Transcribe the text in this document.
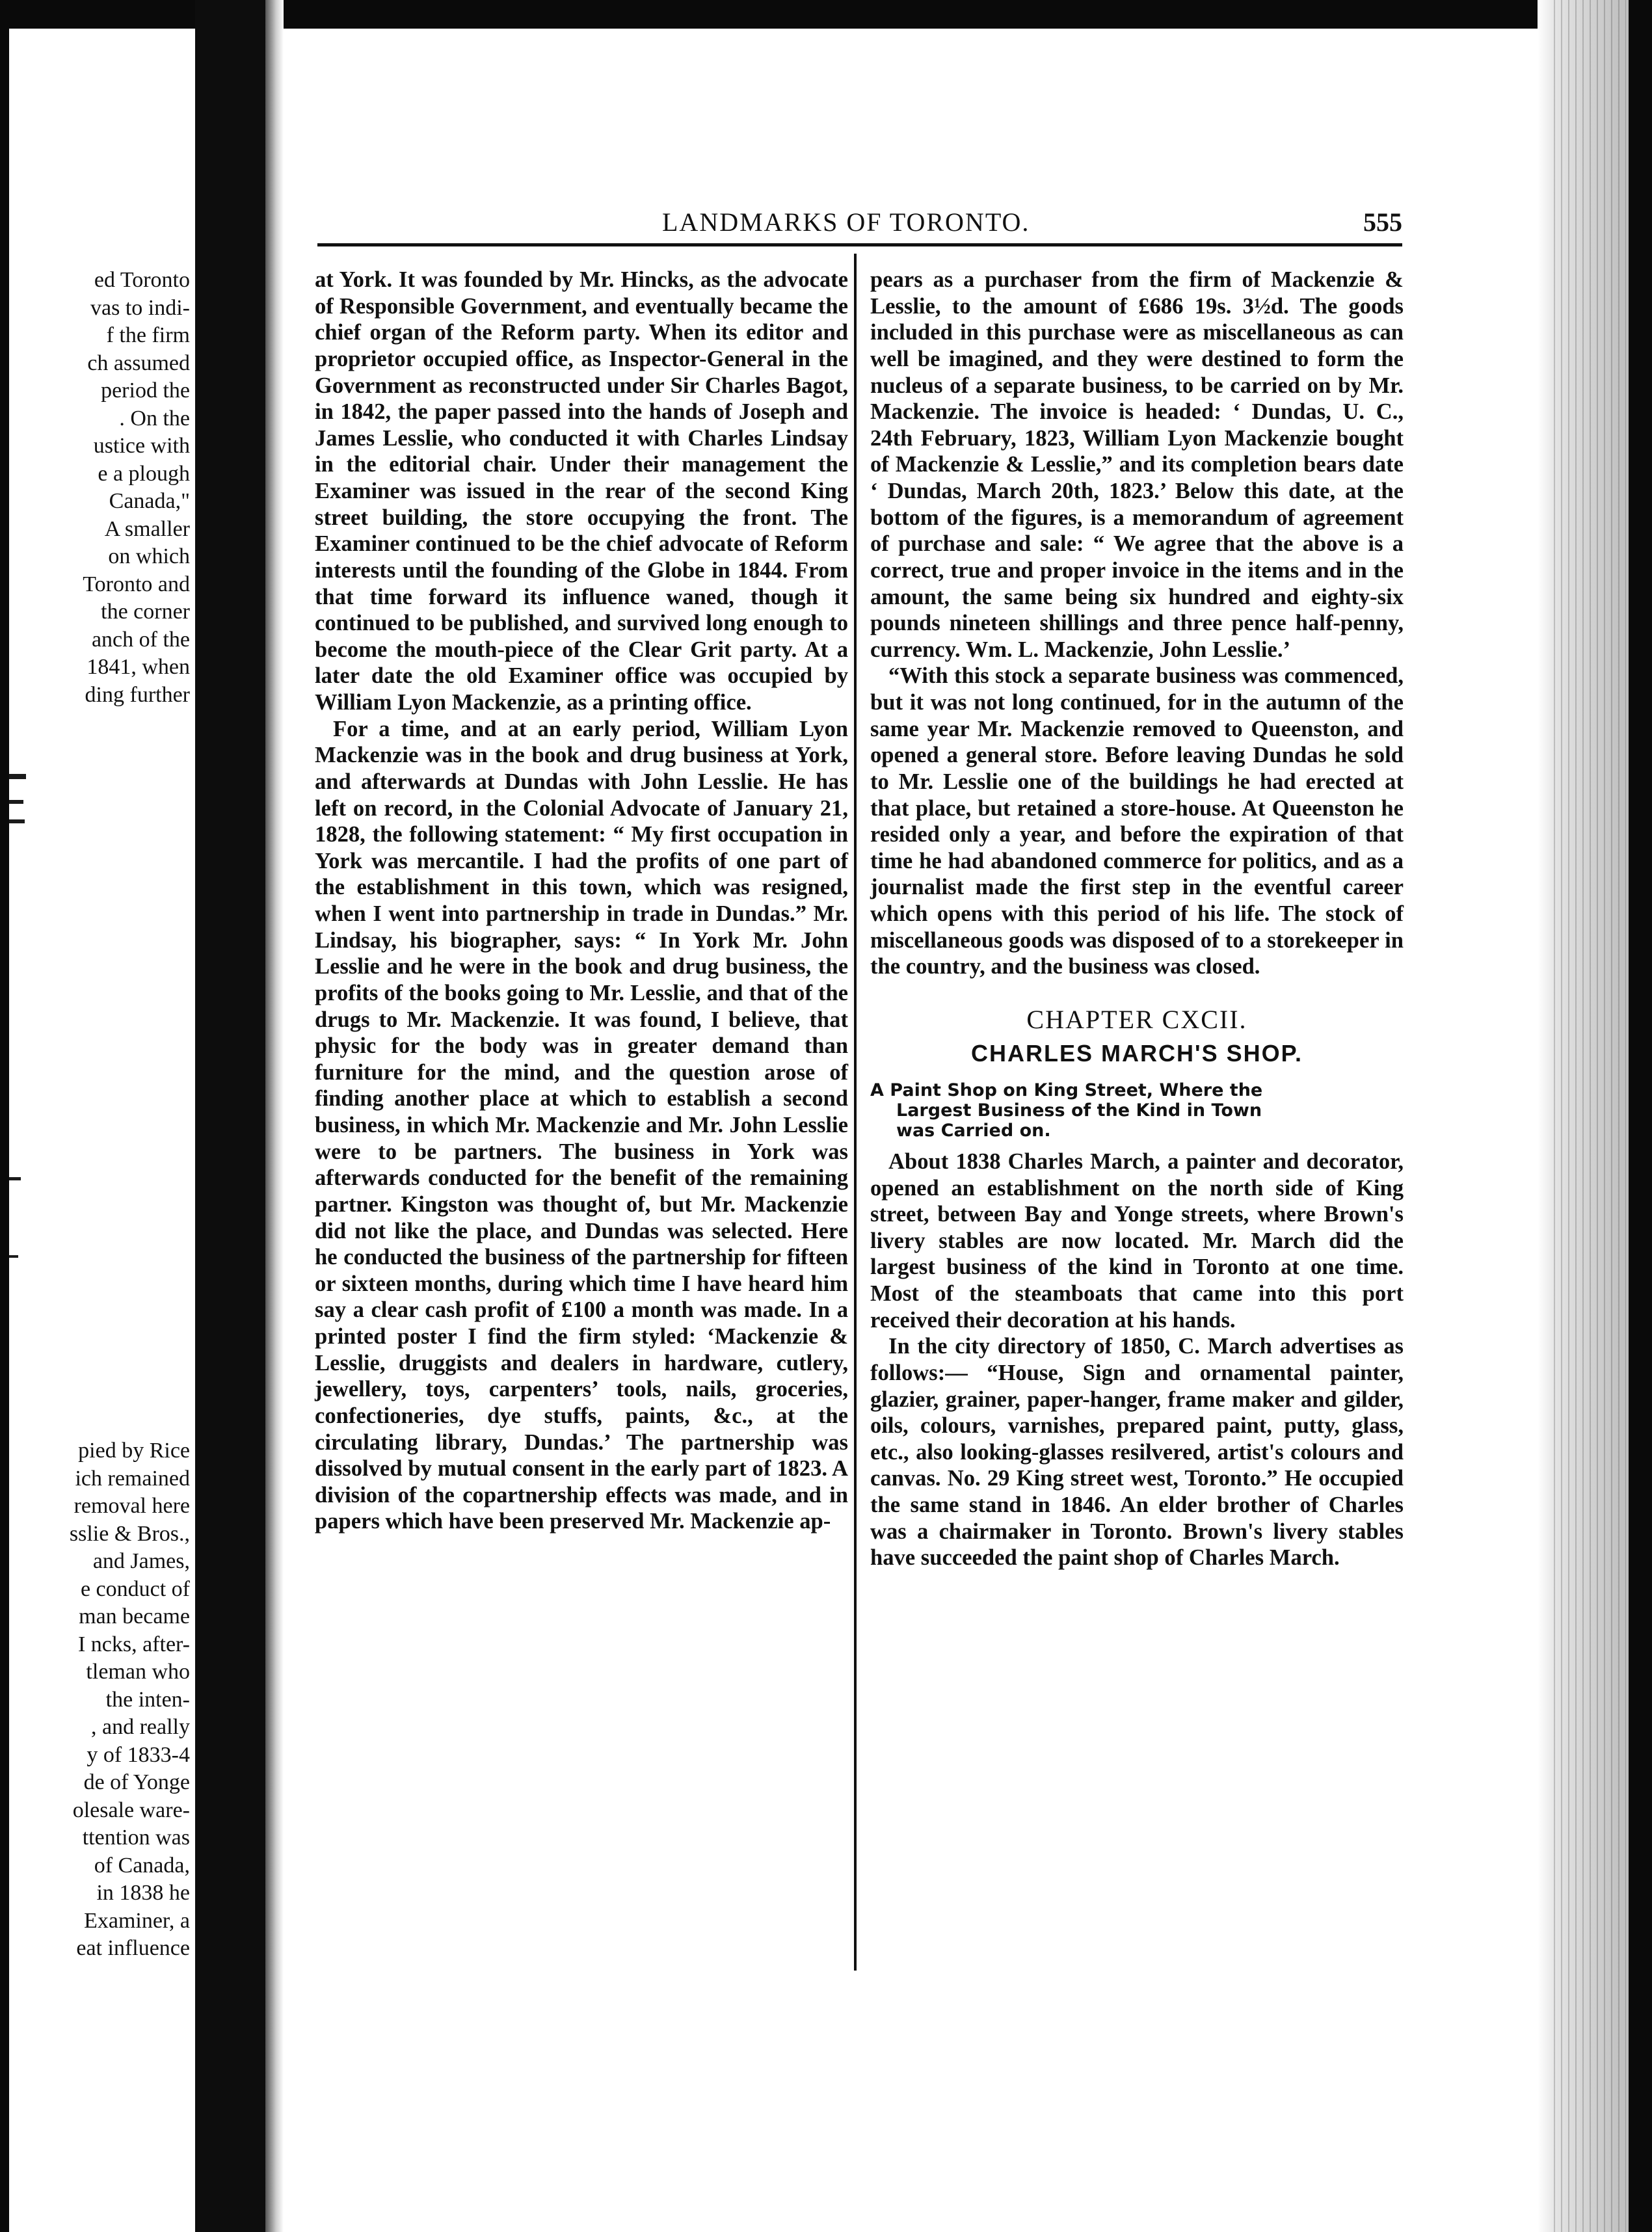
ed Toronto
vas to indi-
f the firm
ch assumed
period the
. On the
ustice with
e a plough
Canada,"
A smaller
on which
Toronto and
the corner
anch of the
1841, when
ding further
pied by Rice
ich remained
removal here
sslie & Bros.,
and James,
e conduct of
man became
I ncks, after-
tleman who
the inten-
, and really
y of 1833-4
de of Yonge
olesale ware-
ttention was
of Canada,
in 1838 he
Examiner, a
eat influence
LANDMARKS OF TORONTO.	555

at York. It was founded by Mr. Hincks, as the advocate of Responsible Government, and eventually became the chief organ of the Reform party. When its editor and proprietor occupied office, as Inspector-General in the Government as reconstructed under Sir Charles Bagot, in 1842, the paper passed into the hands of Joseph and James Lesslie, who conducted it with Charles Lindsay in the editorial chair. Under their management the Examiner was issued in the rear of the second King street building, the store occupying the front. The Examiner continued to be the chief advocate of Reform interests until the founding of the Globe in 1844. From that time forward its influence waned, though it continued to be published, and survived long enough to become the mouth-piece of the Clear Grit party. At a later date the old Examiner office was occupied by William Lyon Mackenzie, as a printing office.

For a time, and at an early period, William Lyon Mackenzie was in the book and drug business at York, and afterwards at Dundas with John Lesslie. He has left on record, in the Colonial Advocate of January 21, 1828, the following statement: “ My first occupation in York was mercantile. I had the profits of one part of the establishment in this town, which was resigned, when I went into partnership in trade in Dundas.” Mr. Lindsay, his biographer, says: “ In York Mr. John Lesslie and he were in the book and drug business, the profits of the books going to Mr. Lesslie, and that of the drugs to Mr. Mackenzie. It was found, I believe, that physic for the body was in greater demand than furniture for the mind, and the question arose of finding another place at which to establish a second business, in which Mr. Mackenzie and Mr. John Lesslie were to be partners. The business in York was afterwards conducted for the benefit of the remaining partner. Kingston was thought of, but Mr. Mackenzie did not like the place, and Dundas was selected. Here he conducted the business of the partnership for fifteen or sixteen months, during which time I have heard him say a clear cash profit of £100 a month was made. In a printed poster I find the firm styled: ‘Mackenzie & Lesslie, druggists and dealers in hardware, cutlery, jewellery, toys, carpenters’ tools, nails, groceries, confectioneries, dye stuffs, paints, &c., at the circulating library, Dundas.’ The partnership was dissolved by mutual consent in the early part of 1823. A division of the copartnership effects was made, and in papers which have been preserved Mr. Mackenzie ap-

pears as a purchaser from the firm of Mackenzie & Lesslie, to the amount of £686 19s. 3½d. The goods included in this purchase were as miscellaneous as can well be imagined, and they were destined to form the nucleus of a separate business, to be carried on by Mr. Mackenzie. The invoice is headed: ‘ Dundas, U. C., 24th February, 1823, William Lyon Mackenzie bought of Mackenzie & Lesslie,” and its completion bears date ‘ Dundas, March 20th, 1823.’ Below this date, at the bottom of the figures, is a memorandum of agreement of purchase and sale: “ We agree that the above is a correct, true and proper invoice in the items and in the amount, the same being six hundred and eighty-six pounds nineteen shillings and three pence half-penny, currency. Wm. L. Mackenzie, John Lesslie.’

“With this stock a separate business was commenced, but it was not long continued, for in the autumn of the same year Mr. Mackenzie removed to Queenston, and opened a general store. Before leaving Dundas he sold to Mr. Lesslie one of the buildings he had erected at that place, but retained a store-house. At Queenston he resided only a year, and before the expiration of that time he had abandoned commerce for politics, and as a journalist made the first step in the eventful career which opens with this period of his life. The stock of miscellaneous goods was disposed of to a storekeeper in the country, and the business was closed.

CHAPTER CXCII.
CHARLES MARCH'S SHOP.
A Paint Shop on King Street, Where the
Largest Business of the Kind in Town
was Carried on.

About 1838 Charles March, a painter and decorator, opened an establishment on the north side of King street, between Bay and Yonge streets, where Brown's livery stables are now located. Mr. March did the largest business of the kind in Toronto at one time. Most of the steamboats that came into this port received their decoration at his hands.

In the city directory of 1850, C. March advertises as follows:— “House, Sign and ornamental painter, glazier, grainer, paper-hanger, frame maker and gilder, oils, colours, varnishes, prepared paint, putty, glass, etc., also looking-glasses resilvered, artist's colours and canvas. No. 29 King street west, Toronto.” He occupied the same stand in 1846. An elder brother of Charles was a chairmaker in Toronto. Brown's livery stables have succeeded the paint shop of Charles March.
